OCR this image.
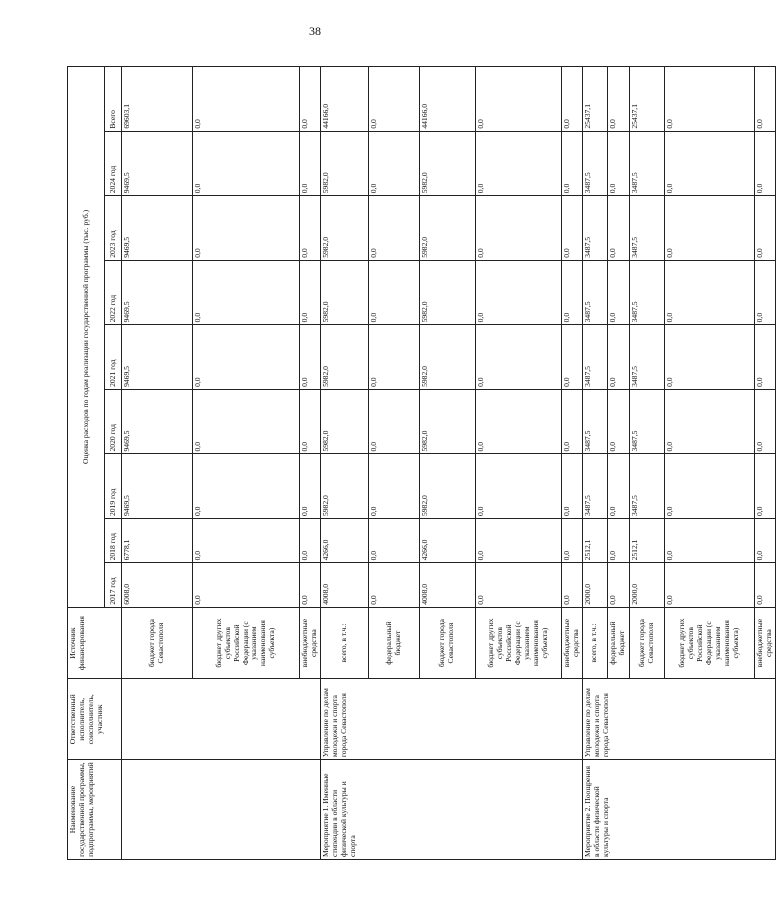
38
Наименование государственной программы, подпрограммы, мероприятий	Ответственный исполнитель, соисполнитель, участник	Источник финансирования	Оценка расходов по годам реализации государственной программы (тыс. руб.)								
			2017 год	2018 год	2019 год	2020 год	2021 год	2022 год	2023 год	2024 год	Всего
		бюджет города Севастополя	6008,0	6778,1	9469,5	9469,5	9469,5	9469,5	9469,5	9469,5	69603,1
		бюджет других субъектов Российской Федерации (с указанием наименования субъекта)	0,0	0,0	0,0	0,0	0,0	0,0	0,0	0,0	0,0
		внебюджетные средства	0,0	0,0	0,0	0,0	0,0	0,0	0,0	0,0	0,0
Мероприятие 1. Именные стипендии в области физической культуры и спорта	Управление по делам молодежи и спорта города Севастополя	всего, в т.ч.:	4008,0	4266,0	5982,0	5982,0	5982,0	5982,0	5982,0	5982,0	44166,0
		федеральный бюджет	0,0	0,0	0,0	0,0	0,0	0,0	0,0	0,0	0,0
		бюджет города Севастополя	4008,0	4266,0	5982,0	5982,0	5982,0	5982,0	5982,0	5982,0	44166,0
		бюджет других субъектов Российской Федерации (с указанием наименования субъекта)	0,0	0,0	0,0	0,0	0,0	0,0	0,0	0,0	0,0
		внебюджетные средства	0,0	0,0	0,0	0,0	0,0	0,0	0,0	0,0	0,0
Мероприятие 2. Поощрения в области физической культуры и спорта	Управление по делам молодежи и спорта города Севастополя	всего, в т.ч.:	2000,0	2512,1	3487,5	3487,5	3487,5	3487,5	3487,5	3487,5	25437,1
		федеральный бюджет	0,0	0,0	0,0	0,0	0,0	0,0	0,0	0,0	0,0
		бюджет города Севастополя	2000,0	2512,1	3487,5	3487,5	3487,5	3487,5	3487,5	3487,5	25437,1
		бюджет других субъектов Российской Федерации (с указанием наименования субъекта)	0,0	0,0	0,0	0,0	0,0	0,0	0,0	0,0	0,0
		внебюджетные средства	0,0	0,0	0,0	0,0	0,0	0,0	0,0	0,0	0,0
